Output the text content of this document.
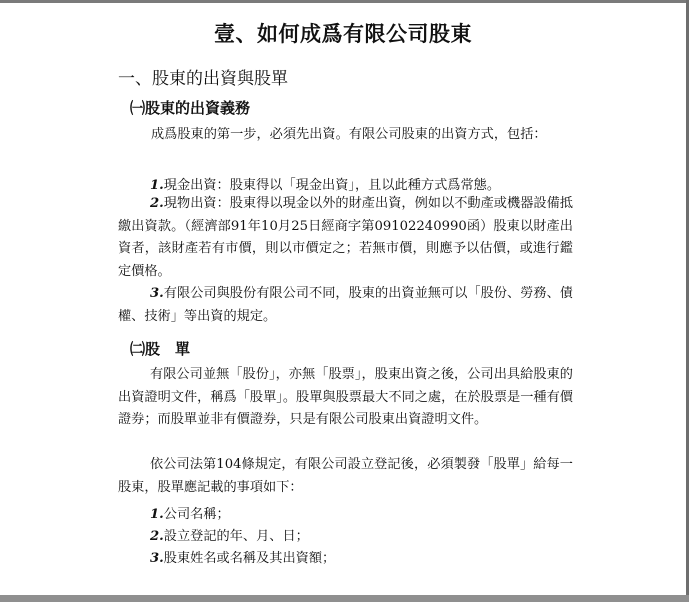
壹、如何成爲有限公司股東
一、股東的出資與股單
㈠股東的出資義務
成爲股東的第一步，必須先出資。有限公司股東的出資方式，包括：
1.現金出資：股東得以「現金出資」，且以此種方式爲常態。
2.現物出資：股東得以現金以外的財產出資，例如以不動產或機器設備抵繳出資款。（經濟部91年10月25日經商字第09102240990函）股東以財產出資者，該財產若有市價，則以市價定之；若無市價，則應予以估價，或進行鑑定價格。
3.有限公司與股份有限公司不同，股東的出資並無可以「股份、勞務、債權、技術」等出資的規定。
㈡股　單
有限公司並無「股份」，亦無「股票」，股東出資之後，公司出具給股東的出資證明文件，稱爲「股單」。股單與股票最大不同之處，在於股票是一種有價證券；而股單並非有價證券，只是有限公司股東出資證明文件。
依公司法第104條規定，有限公司設立登記後，必須製發「股單」給每一股東，股單應記載的事項如下：
1.公司名稱；
2.設立登記的年、月、日；
3.股東姓名或名稱及其出資額；
